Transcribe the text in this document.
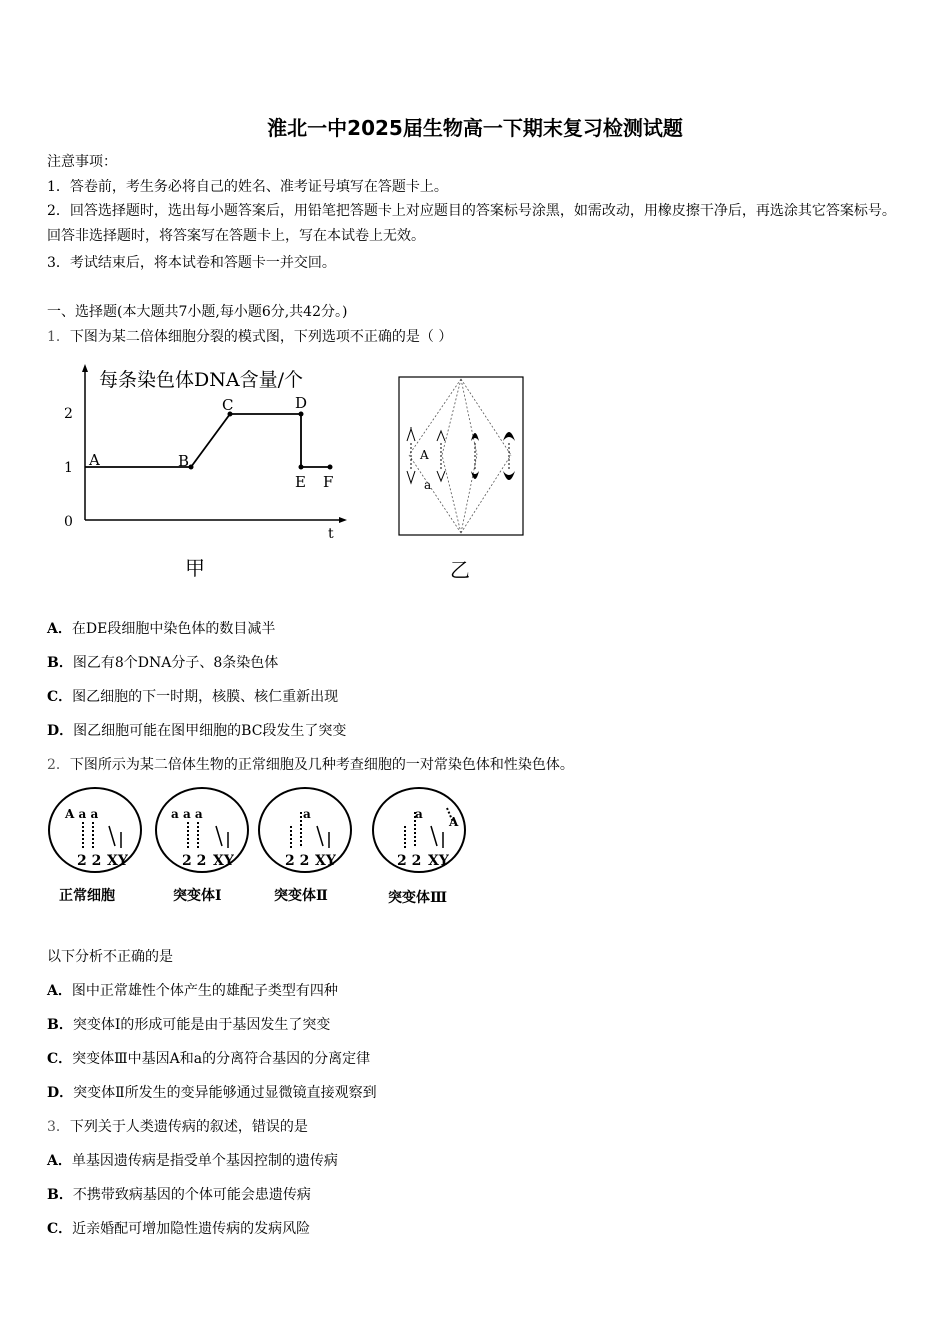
淮北一中2025届生物高一下期末复习检测试题
注意事项：
1．答卷前，考生务必将自己的姓名、准考证号填写在答题卡上。
2．回答选择题时，选出每小题答案后，用铅笔把答题卡上对应题目的答案标号涂黑，如需改动，用橡皮擦干净后，再选涂其它答案标号。回答非选择题时，将答案写在答题卡上，写在本试卷上无效。
3．考试结束后，将本试卷和答题卡一并交回。
一、选择题(本大题共7小题,每小题6分,共42分。)
1．下图为某二倍体细胞分裂的模式图，下列选项不正确的是（ ）
每条染色体DNA含量/个
2
1
0
t
A	B
C	D
E F
甲
A
a
乙
A．在DE段细胞中染色体的数目减半
B．图乙有8个DNA分子、8条染色体
C．图乙细胞的下一时期，核膜、核仁重新出现
D．图乙细胞可能在图甲细胞的BC段发生了突变
2．下图所示为某二倍体生物的正常细胞及几种考查细胞的一对常染色体和性染色体。
A a a
2 2 XY
正常细胞
a a a
2 2 XY
突变体Ⅰ
a
2 2 XY
突变体Ⅱ
a
A
2 2 XY
突变体Ⅲ
以下分析不正确的是
A．图中正常雄性个体产生的雄配子类型有四种
B．突变体Ⅰ的形成可能是由于基因发生了突变
C．突变体Ⅲ中基因A和a的分离符合基因的分离定律
D．突变体Ⅱ所发生的变异能够通过显微镜直接观察到
3．下列关于人类遗传病的叙述，错误的是
A．单基因遗传病是指受单个基因控制的遗传病
B．不携带致病基因的个体可能会患遗传病
C．近亲婚配可增加隐性遗传病的发病风险
